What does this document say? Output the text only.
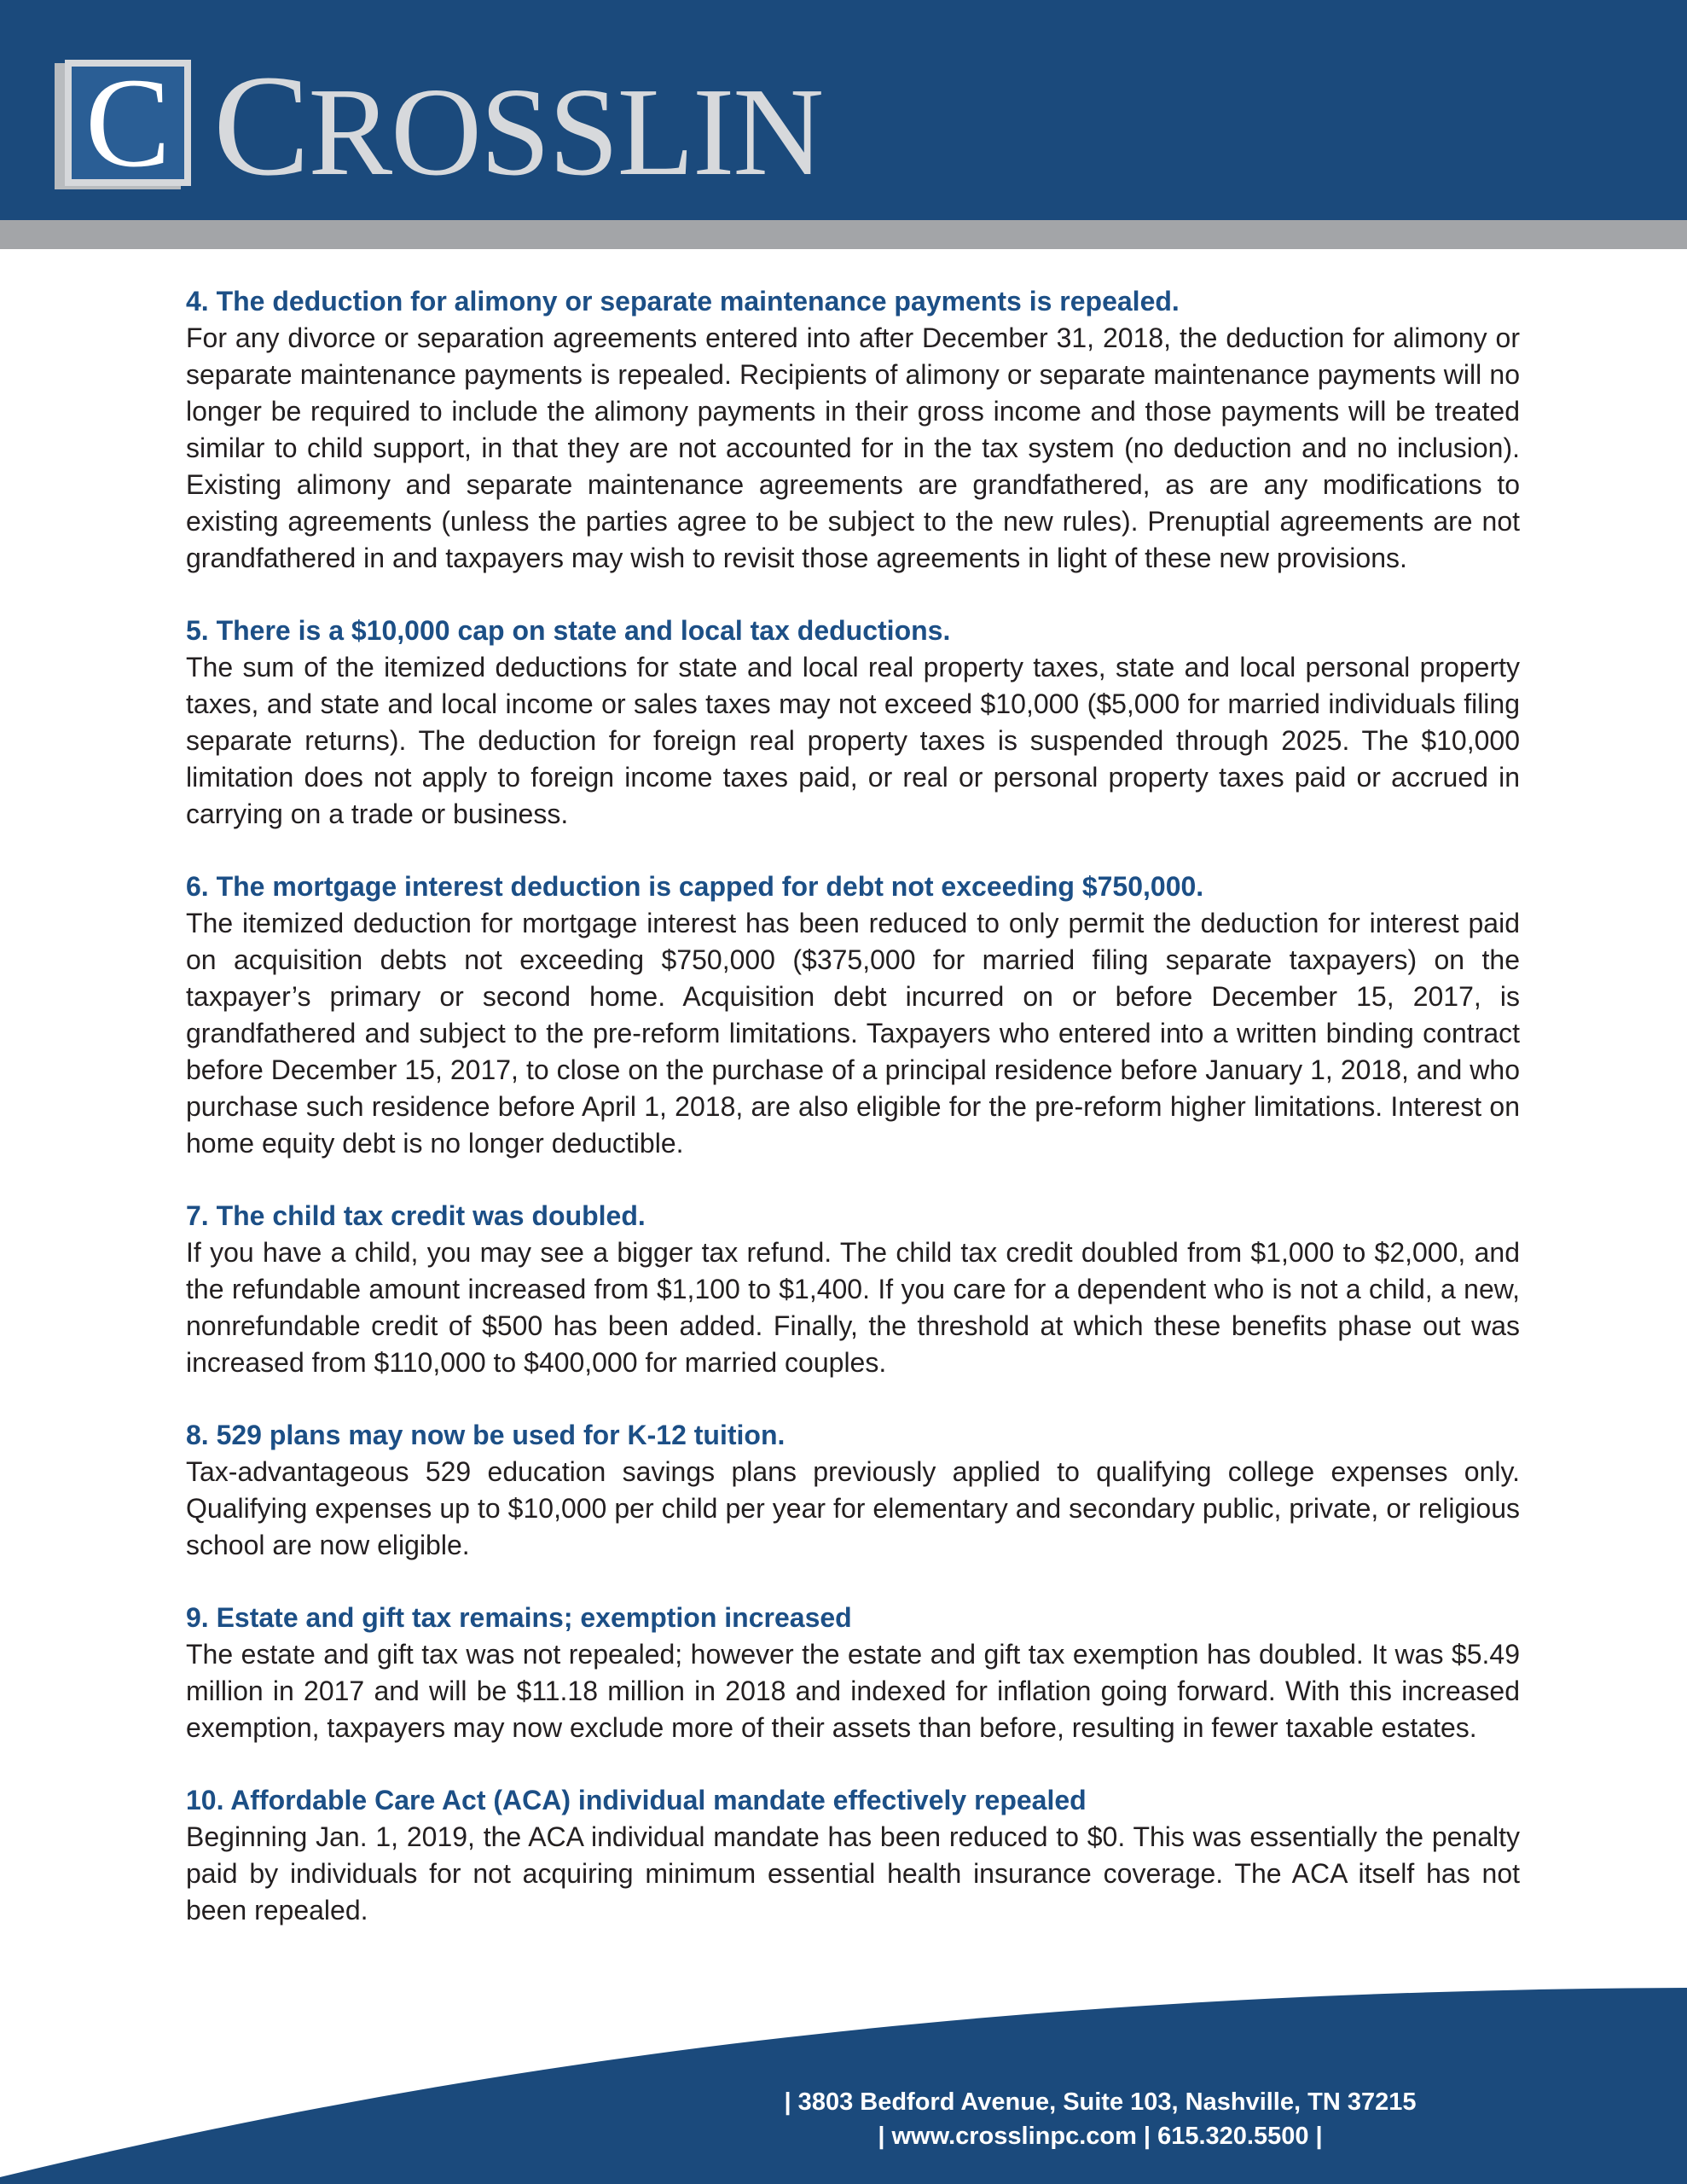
C CROSSLIN
4. The deduction for alimony or separate maintenance payments is repealed.
For any divorce or separation agreements entered into after December 31, 2018, the deduction for alimony or separate maintenance payments is repealed. Recipients of alimony or separate maintenance payments will no longer be required to include the alimony payments in their gross income and those payments will be treated similar to child support, in that they are not accounted for in the tax system (no deduction and no inclusion). Existing alimony and separate maintenance agreements are grandfathered, as are any modifications to existing agreements (unless the parties agree to be subject to the new rules). Prenuptial agreements are not grandfathered in and taxpayers may wish to revisit those agreements in light of these new provisions.
5. There is a $10,000 cap on state and local tax deductions.
The sum of the itemized deductions for state and local real property taxes, state and local personal property taxes, and state and local income or sales taxes may not exceed $10,000 ($5,000 for married individuals filing separate returns). The deduction for foreign real property taxes is suspended through 2025. The $10,000 limitation does not apply to foreign income taxes paid, or real or personal property taxes paid or accrued in carrying on a trade or business.
6. The mortgage interest deduction is capped for debt not exceeding $750,000.
The itemized deduction for mortgage interest has been reduced to only permit the deduction for interest paid on acquisition debts not exceeding $750,000 ($375,000 for married filing separate taxpayers) on the taxpayer’s primary or second home. Acquisition debt incurred on or before December 15, 2017, is grandfathered and subject to the pre-reform limitations. Taxpayers who entered into a written binding contract before December 15, 2017, to close on the purchase of a principal residence before January 1, 2018, and who purchase such residence before April 1, 2018, are also eligible for the pre-reform higher limitations. Interest on home equity debt is no longer deductible.
7. The child tax credit was doubled.
If you have a child, you may see a bigger tax refund. The child tax credit doubled from $1,000 to $2,000, and the refundable amount increased from $1,100 to $1,400. If you care for a dependent who is not a child, a new, nonrefundable credit of $500 has been added. Finally, the threshold at which these benefits phase out was increased from $110,000 to $400,000 for married couples.
8. 529 plans may now be used for K-12 tuition.
Tax-advantageous 529 education savings plans previously applied to qualifying college expenses only. Qualifying expenses up to $10,000 per child per year for elementary and secondary public, private, or religious school are now eligible.
9. Estate and gift tax remains; exemption increased
The estate and gift tax was not repealed; however the estate and gift tax exemption has doubled. It was $5.49 million in 2017 and will be $11.18 million in 2018 and indexed for inflation going forward. With this increased exemption, taxpayers may now exclude more of their assets than before, resulting in fewer taxable estates.
10. Affordable Care Act (ACA) individual mandate effectively repealed
Beginning Jan. 1, 2019, the ACA individual mandate has been reduced to $0. This was essentially the penalty paid by individuals for not acquiring minimum essential health insurance coverage. The ACA itself has not been repealed.
| 3803 Bedford Avenue, Suite 103, Nashville, TN 37215
| www.crosslinpc.com | 615.320.5500 |
